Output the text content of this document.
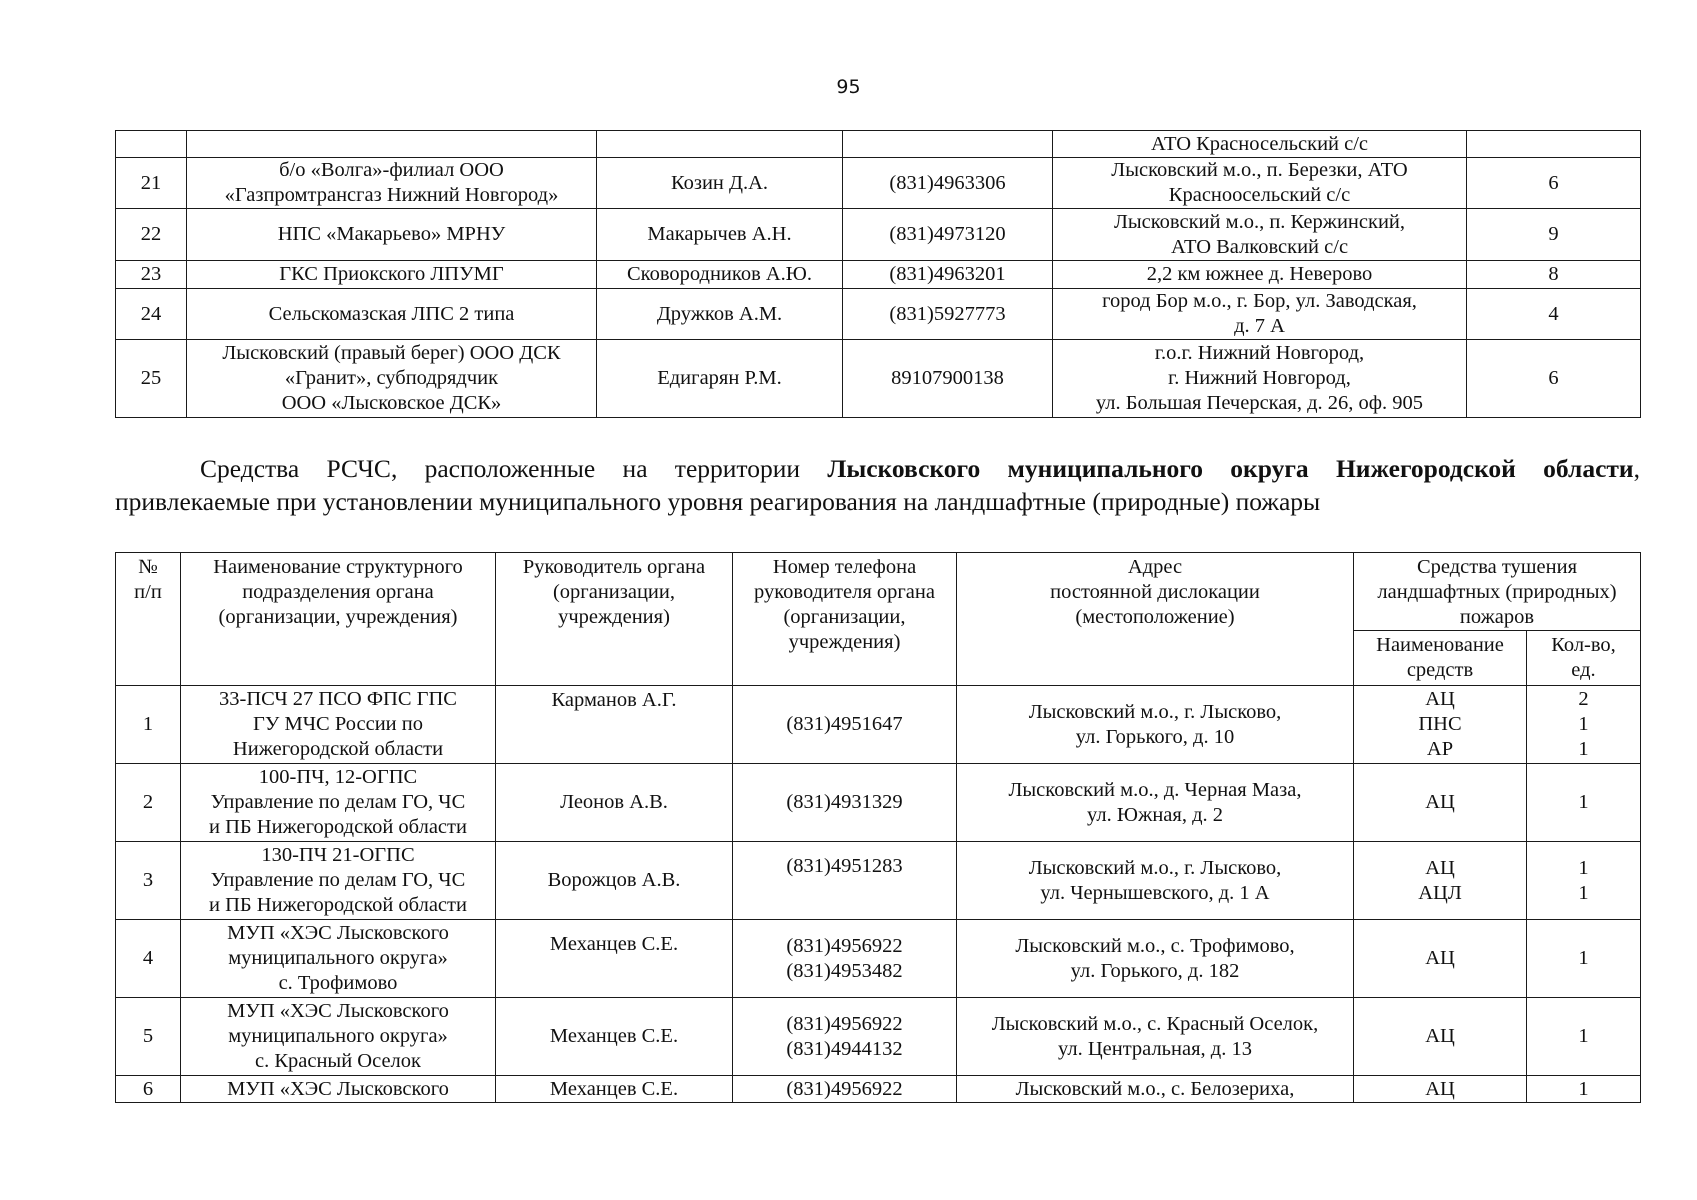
95
				АТО Красносельский с/с	
21	б/о «Волга»-филиал ООО
«Газпромтрансгаз Нижний Новгород»	Козин Д.А.	(831)4963306	Лысковский м.о., п. Березки, АТО
Краснооcельский с/с	6
22	НПС «Макарьево» МРНУ	Макарычев А.Н.	(831)4973120	Лысковский м.о., п. Кержинский,
АТО Валковский с/с	9
23	ГКС Приокского ЛПУМГ	Сковородников А.Ю.	(831)4963201	2,2 км южнее д. Неверово	8
24	Сельскомазская ЛПС 2 типа	Дружков А.М.	(831)5927773	город Бор м.о., г. Бор, ул. Заводская,
д. 7 А	4
25	Лысковский (правый берег) ООО ДСК
«Гранит», субподрядчик
ООО «Лысковское ДСК»	Едигарян Р.М.	89107900138	г.о.г. Нижний Новгород,
г. Нижний Новгород,
ул. Большая Печерская, д. 26, оф. 905	6

Средства РСЧС, расположенные на территории Лысковского муниципального округа Нижегородской области,

привлекаемые при установлении муниципального уровня реагирования на ландшафтные (природные) пожары

№
п/п	Наименование структурного
подразделения органа
(организации, учреждения)	Руководитель органа
(организации,
учреждения)	Номер телефона
руководителя органа
(организации,
учреждения)	Адрес
постоянной дислокации
(местоположение)	Средства тушения
ландшафтных (природных)
пожаров	
					Наименование
средств	Кол-во,
ед.
1	33-ПСЧ 27 ПСО ФПС ГПС
ГУ МЧС России по
Нижегородской области	Карманов А.Г.	(831)4951647	Лысковский м.о., г. Лысково,
ул. Горького, д. 10	АЦ
ПНС
АР	2
1
1
2	100-ПЧ, 12-ОГПС
Управление по делам ГО, ЧС
и ПБ Нижегородской области	Леонов А.В.	(831)4931329	Лысковский м.о., д. Черная Маза,
ул. Южная, д. 2	АЦ	1
3	130-ПЧ 21-ОГПС
Управление по делам ГО, ЧС
и ПБ Нижегородской области	Ворожцов А.В.	(831)4951283	Лысковский м.о., г. Лысково,
ул. Чернышевского, д. 1 А	АЦ
АЦЛ	1
1
4	МУП «ХЭС Лысковского
муниципального округа»
с. Трофимово	Механцев С.Е.	(831)4956922
(831)4953482	Лысковский м.о., с. Трофимово,
ул. Горького, д. 182	АЦ	1
5	МУП «ХЭС Лысковского
муниципального округа»
с. Красный Оселок	Механцев С.Е.	(831)4956922
(831)4944132	Лысковский м.о., с. Красный Оселок,
ул. Центральная, д. 13	АЦ	1
6	МУП «ХЭС Лысковского	Механцев С.Е.	(831)4956922	Лысковский м.о., с. Белозериха,	АЦ	1
